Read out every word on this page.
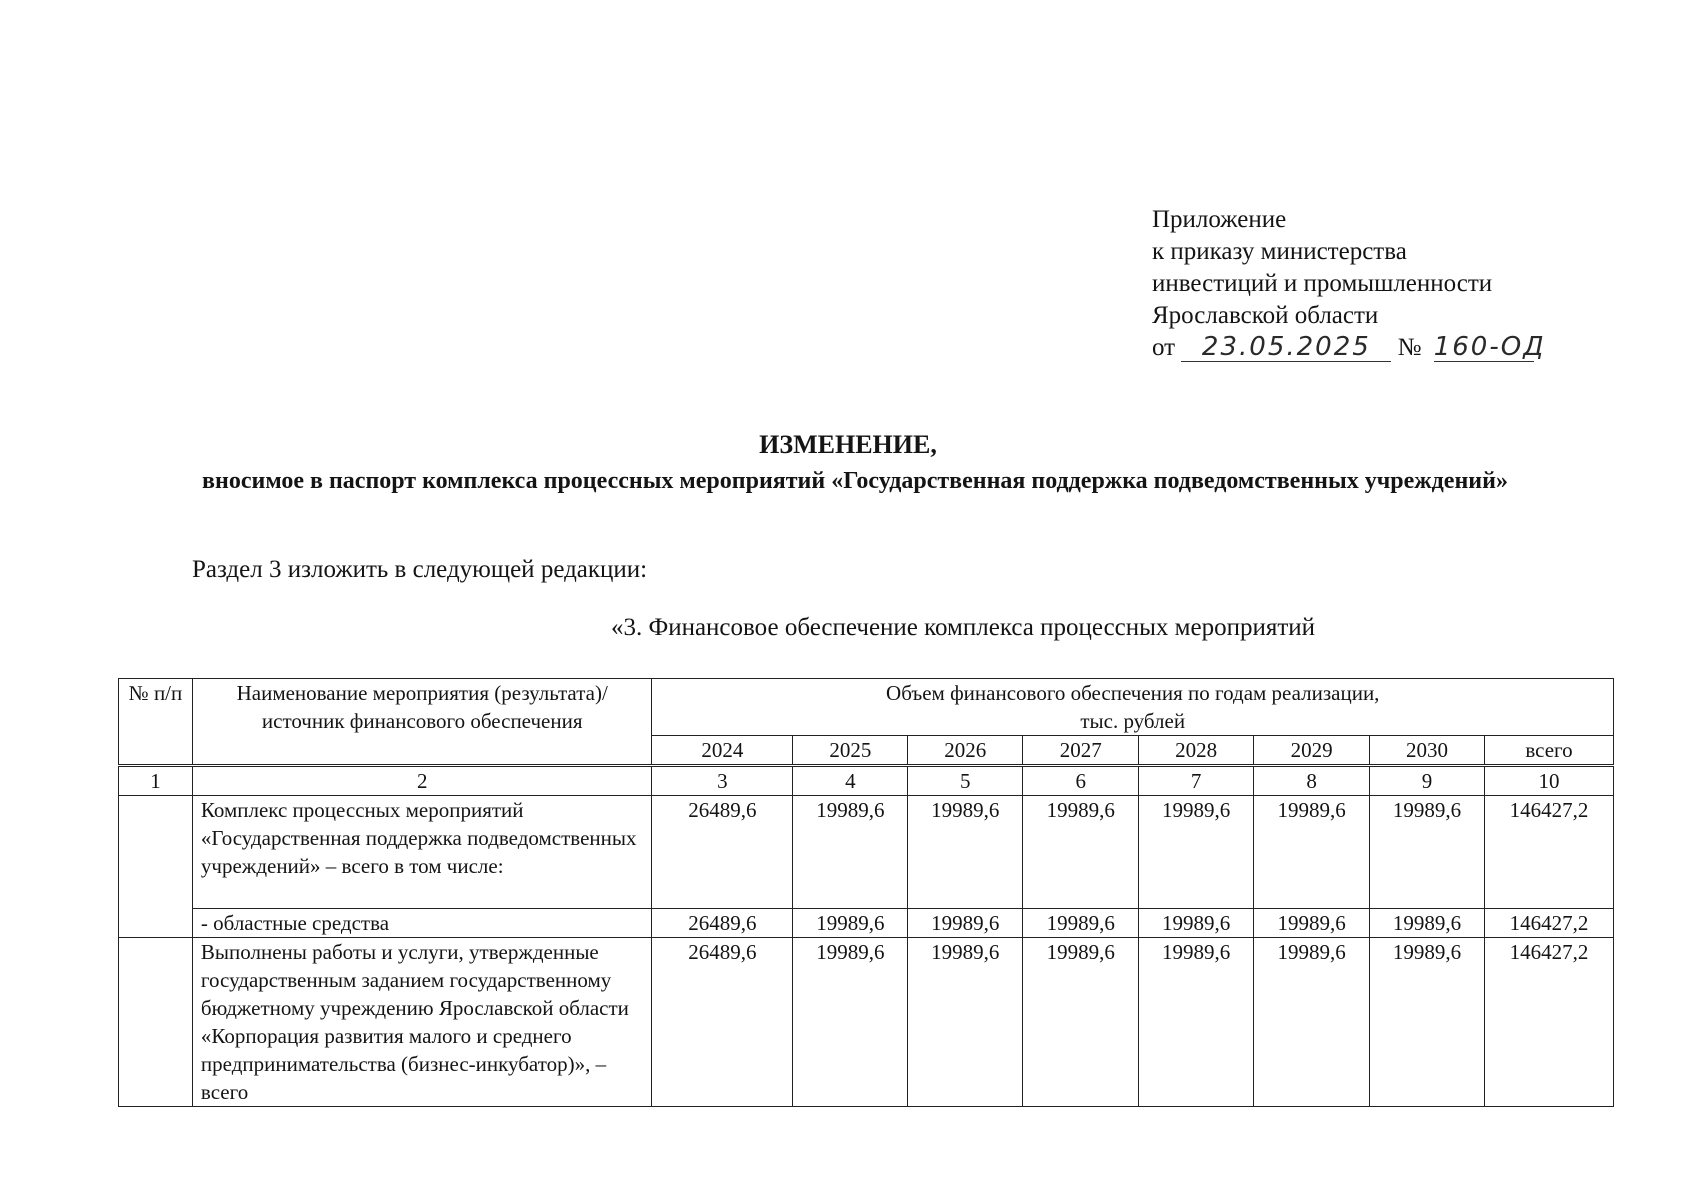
Приложение
к приказу министерства
инвестиций и промышленности
Ярославской области
от 23.05.2025 № 160-ОД
ИЗМЕНЕНИЕ,
вносимое в паспорт комплекса процессных мероприятий «Государственная поддержка подведомственных учреждений»
Раздел 3 изложить в следующей редакции:
«3. Финансовое обеспечение комплекса процессных мероприятий
№ п/п	Наименование мероприятия (результата)/ источник финансового обеспечения	Объем финансового обеспечения по годам реализации,
тыс. рублей							

		2024	2025	2026	2027	2028	2029	2030	всего
1	2	3	4	5	6	7	8	9	10
	Комплекс процессных мероприятий «Государственная поддержка подведомственных учреждений» – всего в том числе:	26489,6	19989,6	19989,6	19989,6	19989,6	19989,6	19989,6	146427,2
	- областные средства	26489,6	19989,6	19989,6	19989,6	19989,6	19989,6	19989,6	146427,2
	Выполнены работы и услуги, утвержденные государственным заданием государственному бюджетному учреждению Ярославской области «Корпорация развития малого и среднего предпринимательства (бизнес-инкубатор)», – всего	26489,6	19989,6	19989,6	19989,6	19989,6	19989,6	19989,6	146427,2
